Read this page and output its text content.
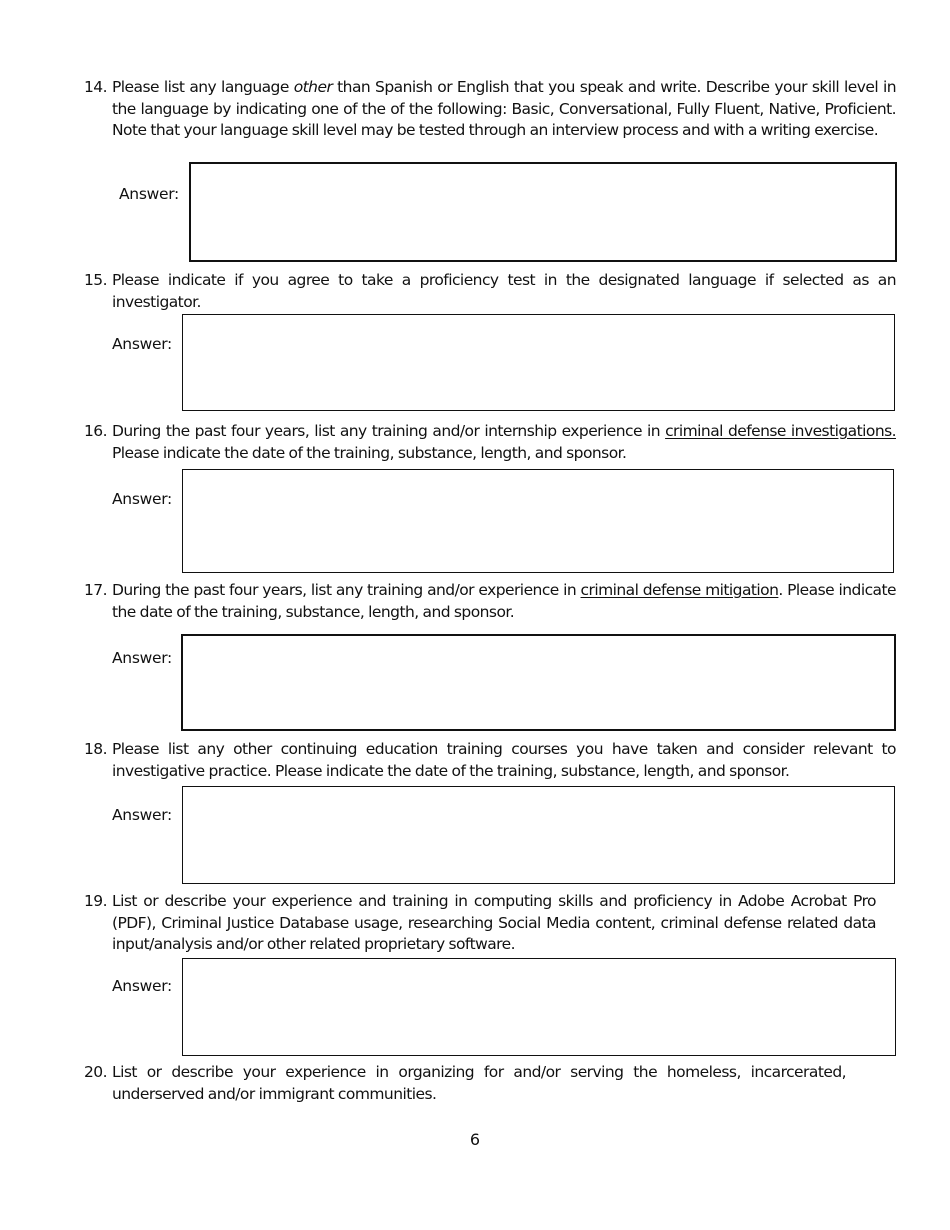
14. Please list any language other than Spanish or English that you speak and write. Describe your skill level in the language by indicating one of the of the following: Basic, Conversational, Fully Fluent, Native, Proficient. Note that your language skill level may be tested through an interview process and with a writing exercise.
Answer:
15. Please indicate if you agree to take a proficiency test in the designated language if selected as an investigator.
Answer:
16. During the past four years, list any training and/or internship experience in criminal defense investigations. Please indicate the date of the training, substance, length, and sponsor.
Answer:
17. During the past four years, list any training and/or experience in criminal defense mitigation. Please indicate the date of the training, substance, length, and sponsor.
Answer:
18. Please list any other continuing education training courses you have taken and consider relevant to investigative practice. Please indicate the date of the training, substance, length, and sponsor.
Answer:
19. List or describe your experience and training in computing skills and proficiency in Adobe Acrobat Pro (PDF), Criminal Justice Database usage, researching Social Media content, criminal defense related data input/analysis and/or other related proprietary software.
Answer:
20. List or describe your experience in organizing for and/or serving the homeless, incarcerated, underserved and/or immigrant communities.
6
